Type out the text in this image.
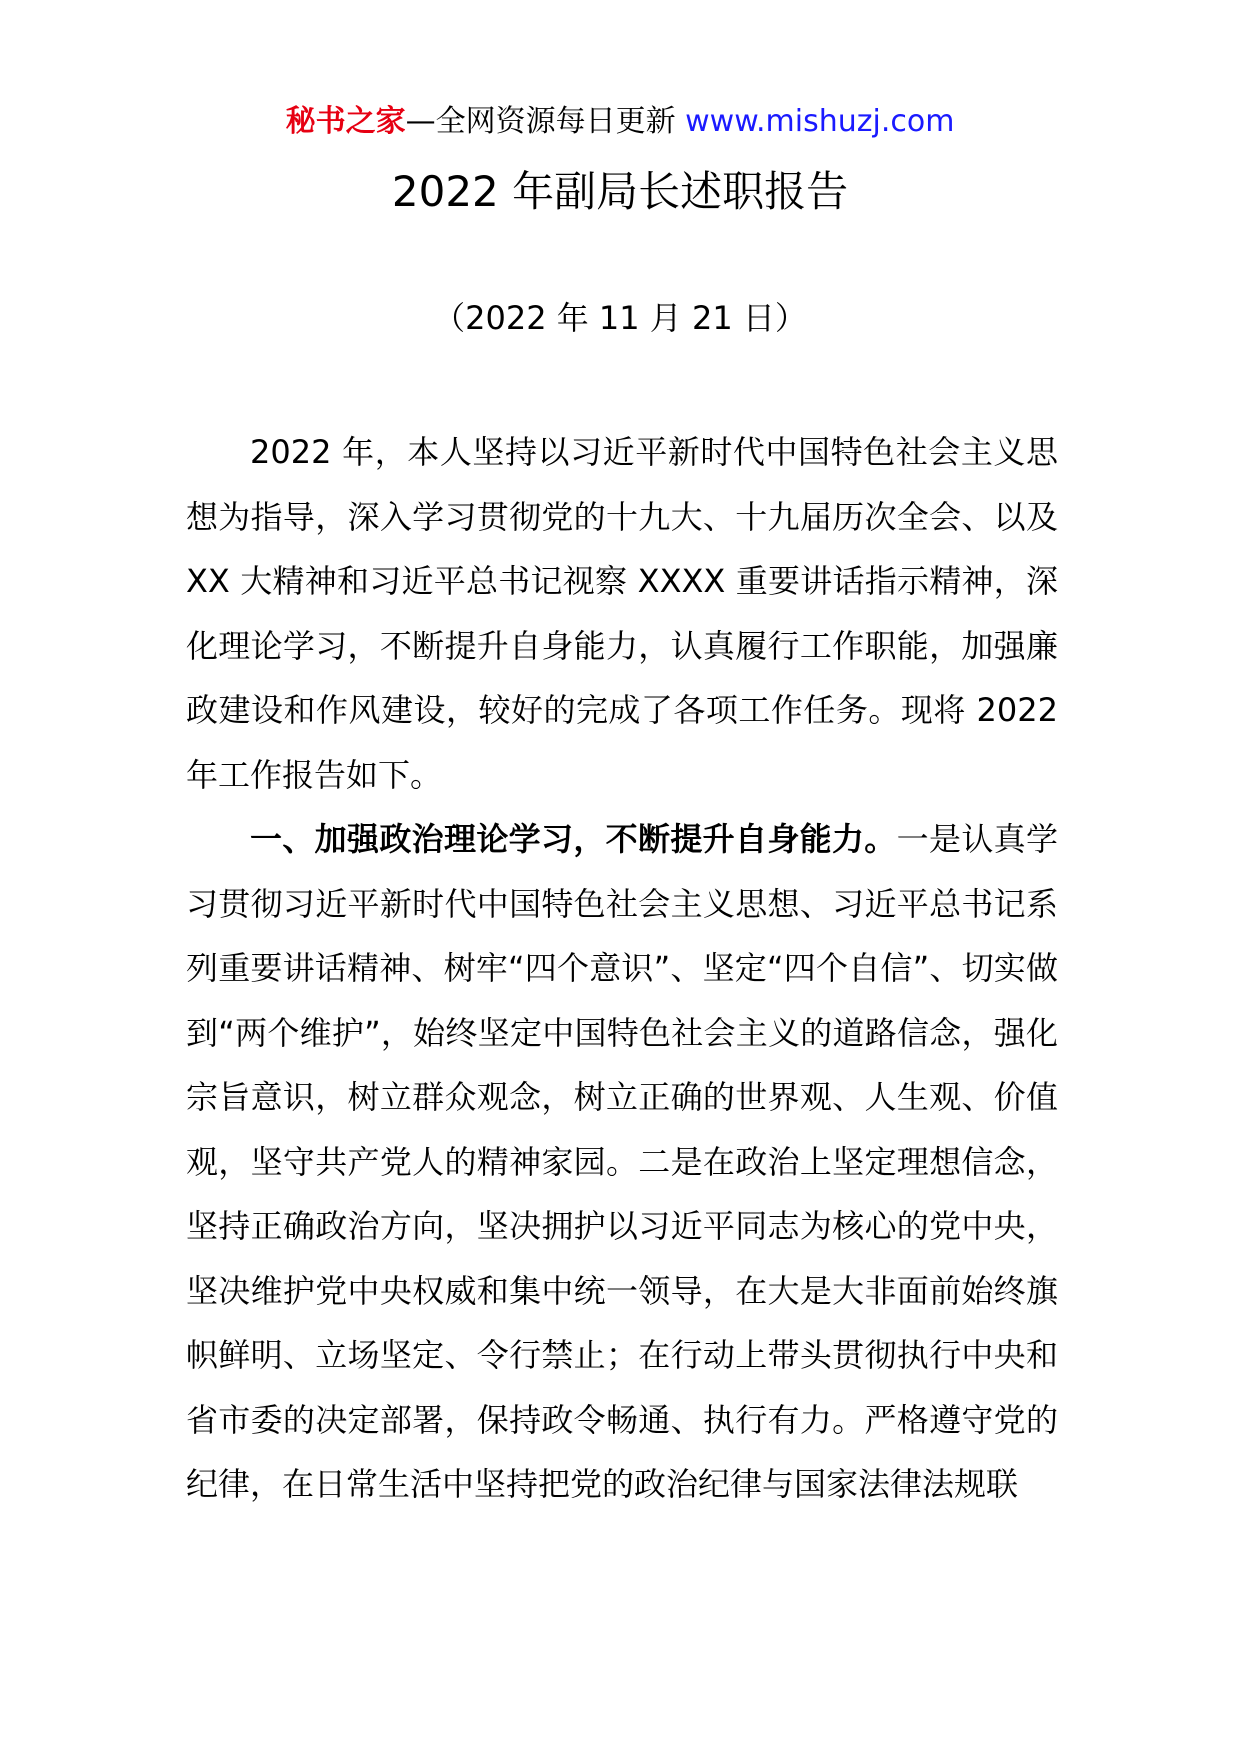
秘书之家—全网资源每日更新 www.mishuzj.com
2022 年副局长述职报告
（2022 年 11 月 21 日）

2022 年，本人坚持以习近平新时代中国特色社会主义思想为指导，深入学习贯彻党的十九大、十九届历次全会、以及 XX 大精神和习近平总书记视察 XXXX 重要讲话指示精神，深化理论学习，不断提升自身能力，认真履行工作职能，加强廉政建设和作风建设，较好的完成了各项工作任务。现将 2022 年工作报告如下。

一、加强政治理论学习，不断提升自身能力。一是认真学习贯彻习近平新时代中国特色社会主义思想、习近平总书记系列重要讲话精神、树牢“四个意识”、坚定“四个自信”、切实做到“两个维护”，始终坚定中国特色社会主义的道路信念，强化宗旨意识，树立群众观念，树立正确的世界观、人生观、价值观，坚守共产党人的精神家园。二是在政治上坚定理想信念，坚持正确政治方向，坚决拥护以习近平同志为核心的党中央，坚决维护党中央权威和集中统一领导，在大是大非面前始终旗帜鲜明、立场坚定、令行禁止；在行动上带头贯彻执行中央和省市委的决定部署，保持政令畅通、执行有力。严格遵守党的纪律，在日常生活中坚持把党的政治纪律与国家法律法规联
